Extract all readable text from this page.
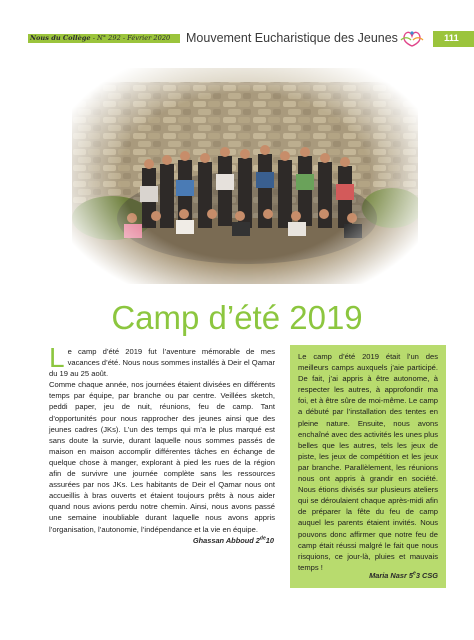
Nous du Collège - N° 292 - Février 2020 Mouvement Eucharistique des Jeunes	111
Camp d’été 2019
L e camp d’été 2019 fut l’aventure mémorable de mes vacances d’été. Nous nous sommes installés à Deir el Qamar du 19 au 25 août.
Comme chaque année, nos journées étaient divisées en différents temps par équipe, par branche ou par centre. Veillées sketch, peddi paper, jeu de nuit, réunions, feu de camp. Tant d’opportunités pour nous rapprocher des jeunes ainsi que des jeunes cadres (JKs). L’un des temps qui m’a le plus marqué est sans doute la survie, durant laquelle nous sommes passés de maison en maison accomplir différentes tâches en échange de quelque chose à manger, explorant à pied les rues de la région afin de survivre une journée complète sans les ressources assurées par nos JKs. Les habitants de Deir el Qamar nous ont accueillis à bras ouverts et étaient toujours prêts à nous aider quand nous avions perdu notre chemin. Ainsi, nous avons passé une semaine inoubliable durant laquelle nous avons appris l’organisation, l’autonomie, l’indépendance et la vie en équipe.

Ghassan Abboud 2de10

Le camp d’été 2019 était l’un des meilleurs camps auxquels j’aie participé. De fait, j’ai appris à être autonome, à respecter les autres, à approfondir ma foi, et à être sûre de moi-même. Le camp a débuté par l’installation des tentes en pleine nature. Ensuite, nous avons enchaîné avec des activités les unes plus belles que les autres, tels les jeux de piste, les jeux de compétition et les jeux par branche. Parallèlement, les réunions nous ont appris à grandir en société. Nous étions divisés sur plusieurs ateliers qui se déroulaient chaque après-midi afin de préparer la fête du feu de camp auquel les parents étaient invités. Nous pouvons donc affirmer que notre feu de camp était réussi malgré le fait que nous risquions, ce jour-là, pluies et mauvais temps !

Maria Nasr 5e3 CSG
